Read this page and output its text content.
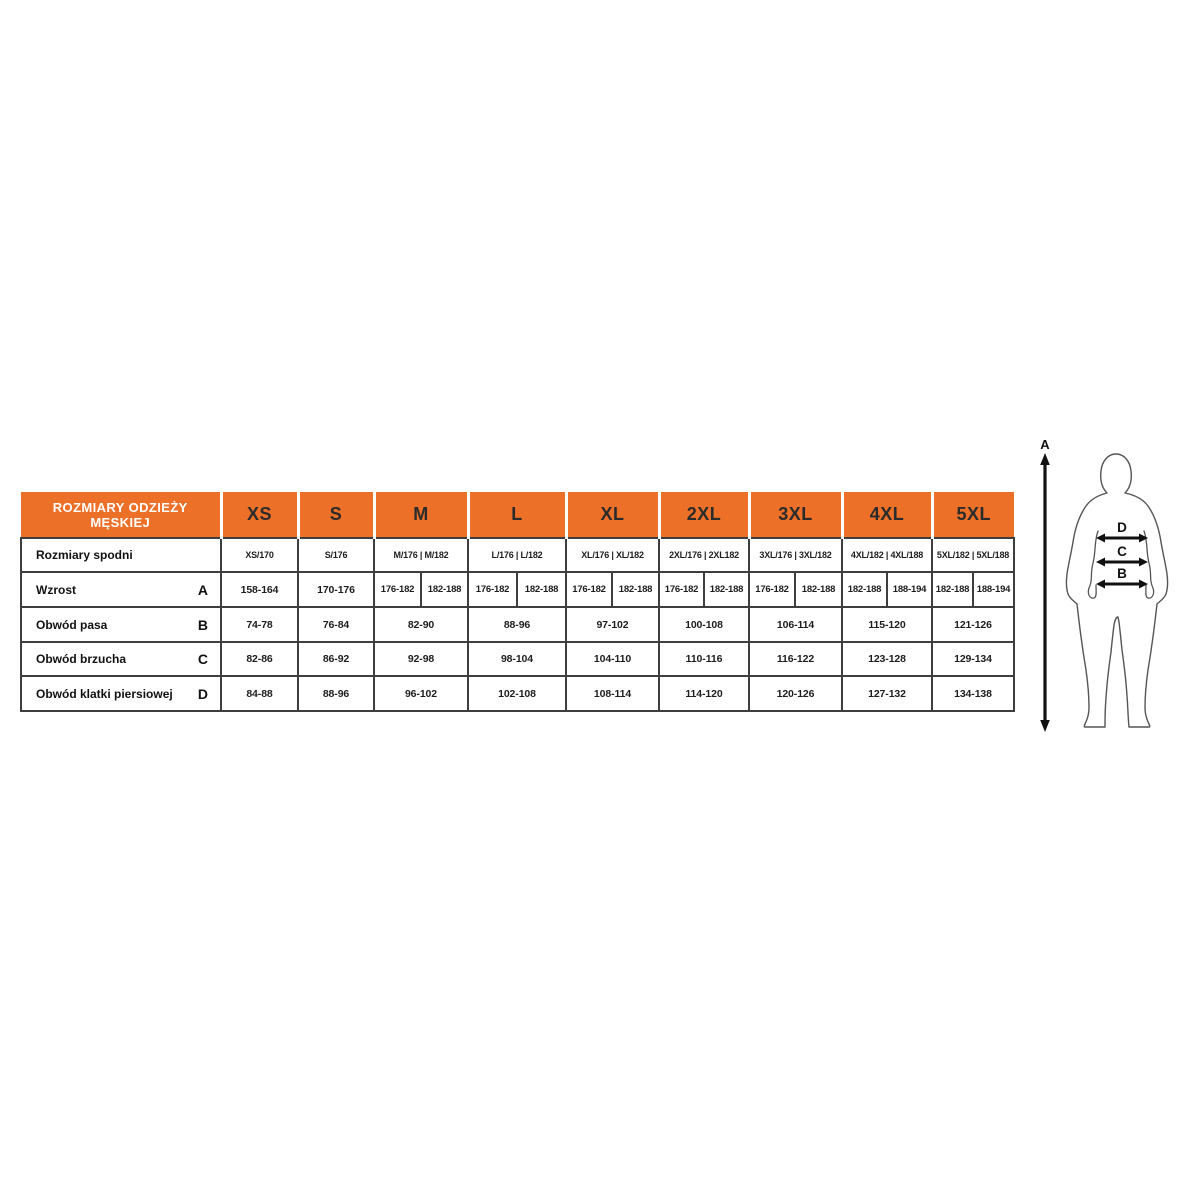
ROZMIARY ODZIEŻY MĘSKIEJ	XS	S	M		L		XL		2XL		3XL		4XL		5XL	

Rozmiary spodni	XS/170	S/176	M/176 | M/182		L/176 | L/182		XL/176 | XL/182		2XL/176 | 2XL182		3XL/176 | 3XL/182		4XL/182 | 4XL/188		5XL/182 | 5XL/188	

Wzrost A	158-164	170-176	176-182	182-188	176-182	182-188	176-182	182-188	176-182	182-188	176-182	182-188	182-188	188-194	182-188	188-194

Obwód pasa B	74-78	76-84	82-90		88-96		97-102		100-108		106-114		115-120		121-126	

Obwód brzucha C	82-86	86-92	92-98		98-104		104-110		110-116		116-122		123-128		129-134	

Obwód klatki piersiowej D	84-88	88-96	96-102		102-108		108-114		114-120		120-126		127-132		134-138	
A
D
C
B
